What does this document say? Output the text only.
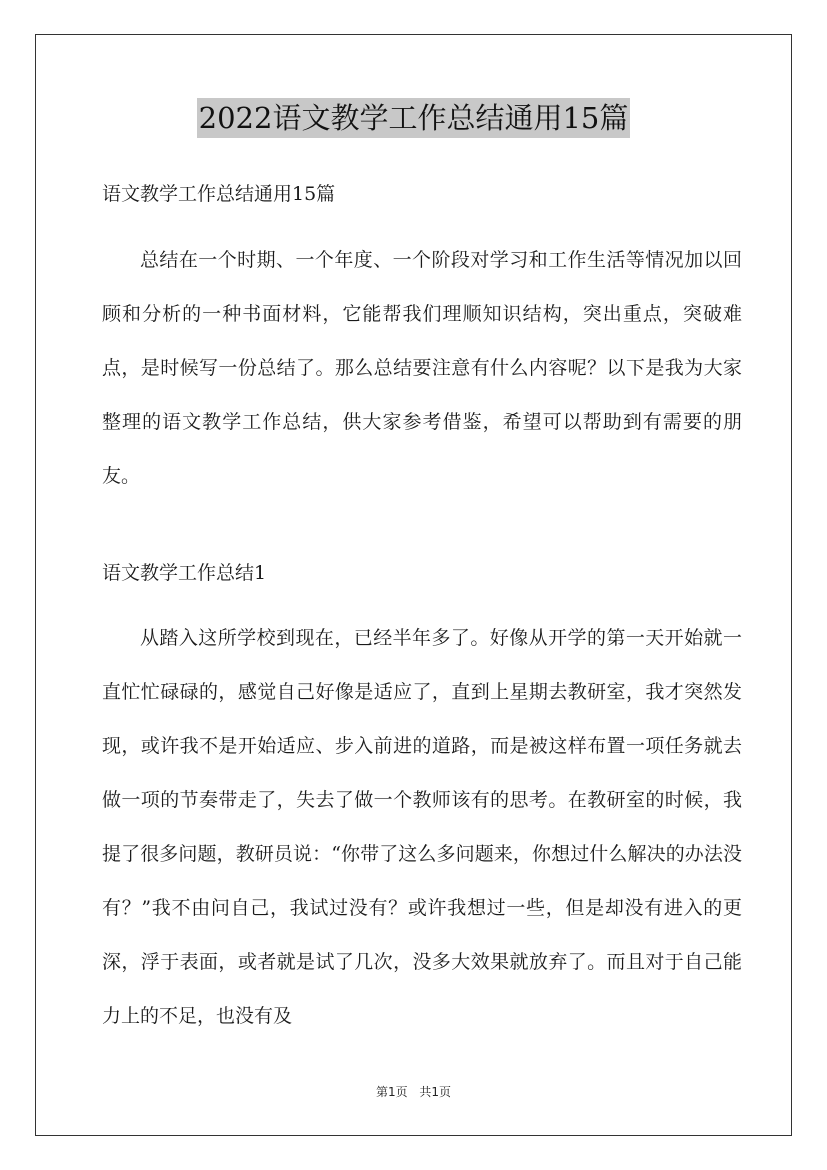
2022语文教学工作总结通用15篇
语文教学工作总结通用15篇
总结在一个时期、一个年度、一个阶段对学习和工作生活等情况加以回顾和分析的一种书面材料，它能帮我们理顺知识结构，突出重点，突破难点，是时候写一份总结了。那么总结要注意有什么内容呢？以下是我为大家整理的语文教学工作总结，供大家参考借鉴，希望可以帮助到有需要的朋友。
语文教学工作总结1
从踏入这所学校到现在，已经半年多了。好像从开学的第一天开始就一直忙忙碌碌的，感觉自己好像是适应了，直到上星期去教研室，我才突然发现，或许我不是开始适应、步入前进的道路，而是被这样布置一项任务就去做一项的节奏带走了，失去了做一个教师该有的思考。在教研室的时候，我提了很多问题，教研员说：“你带了这么多问题来，你想过什么解决的办法没有？”我不由问自己，我试过没有？或许我想过一些，但是却没有进入的更深，浮于表面，或者就是试了几次，没多大效果就放弃了。而且对于自己能力上的不足，也没有及
第1页 共1页
